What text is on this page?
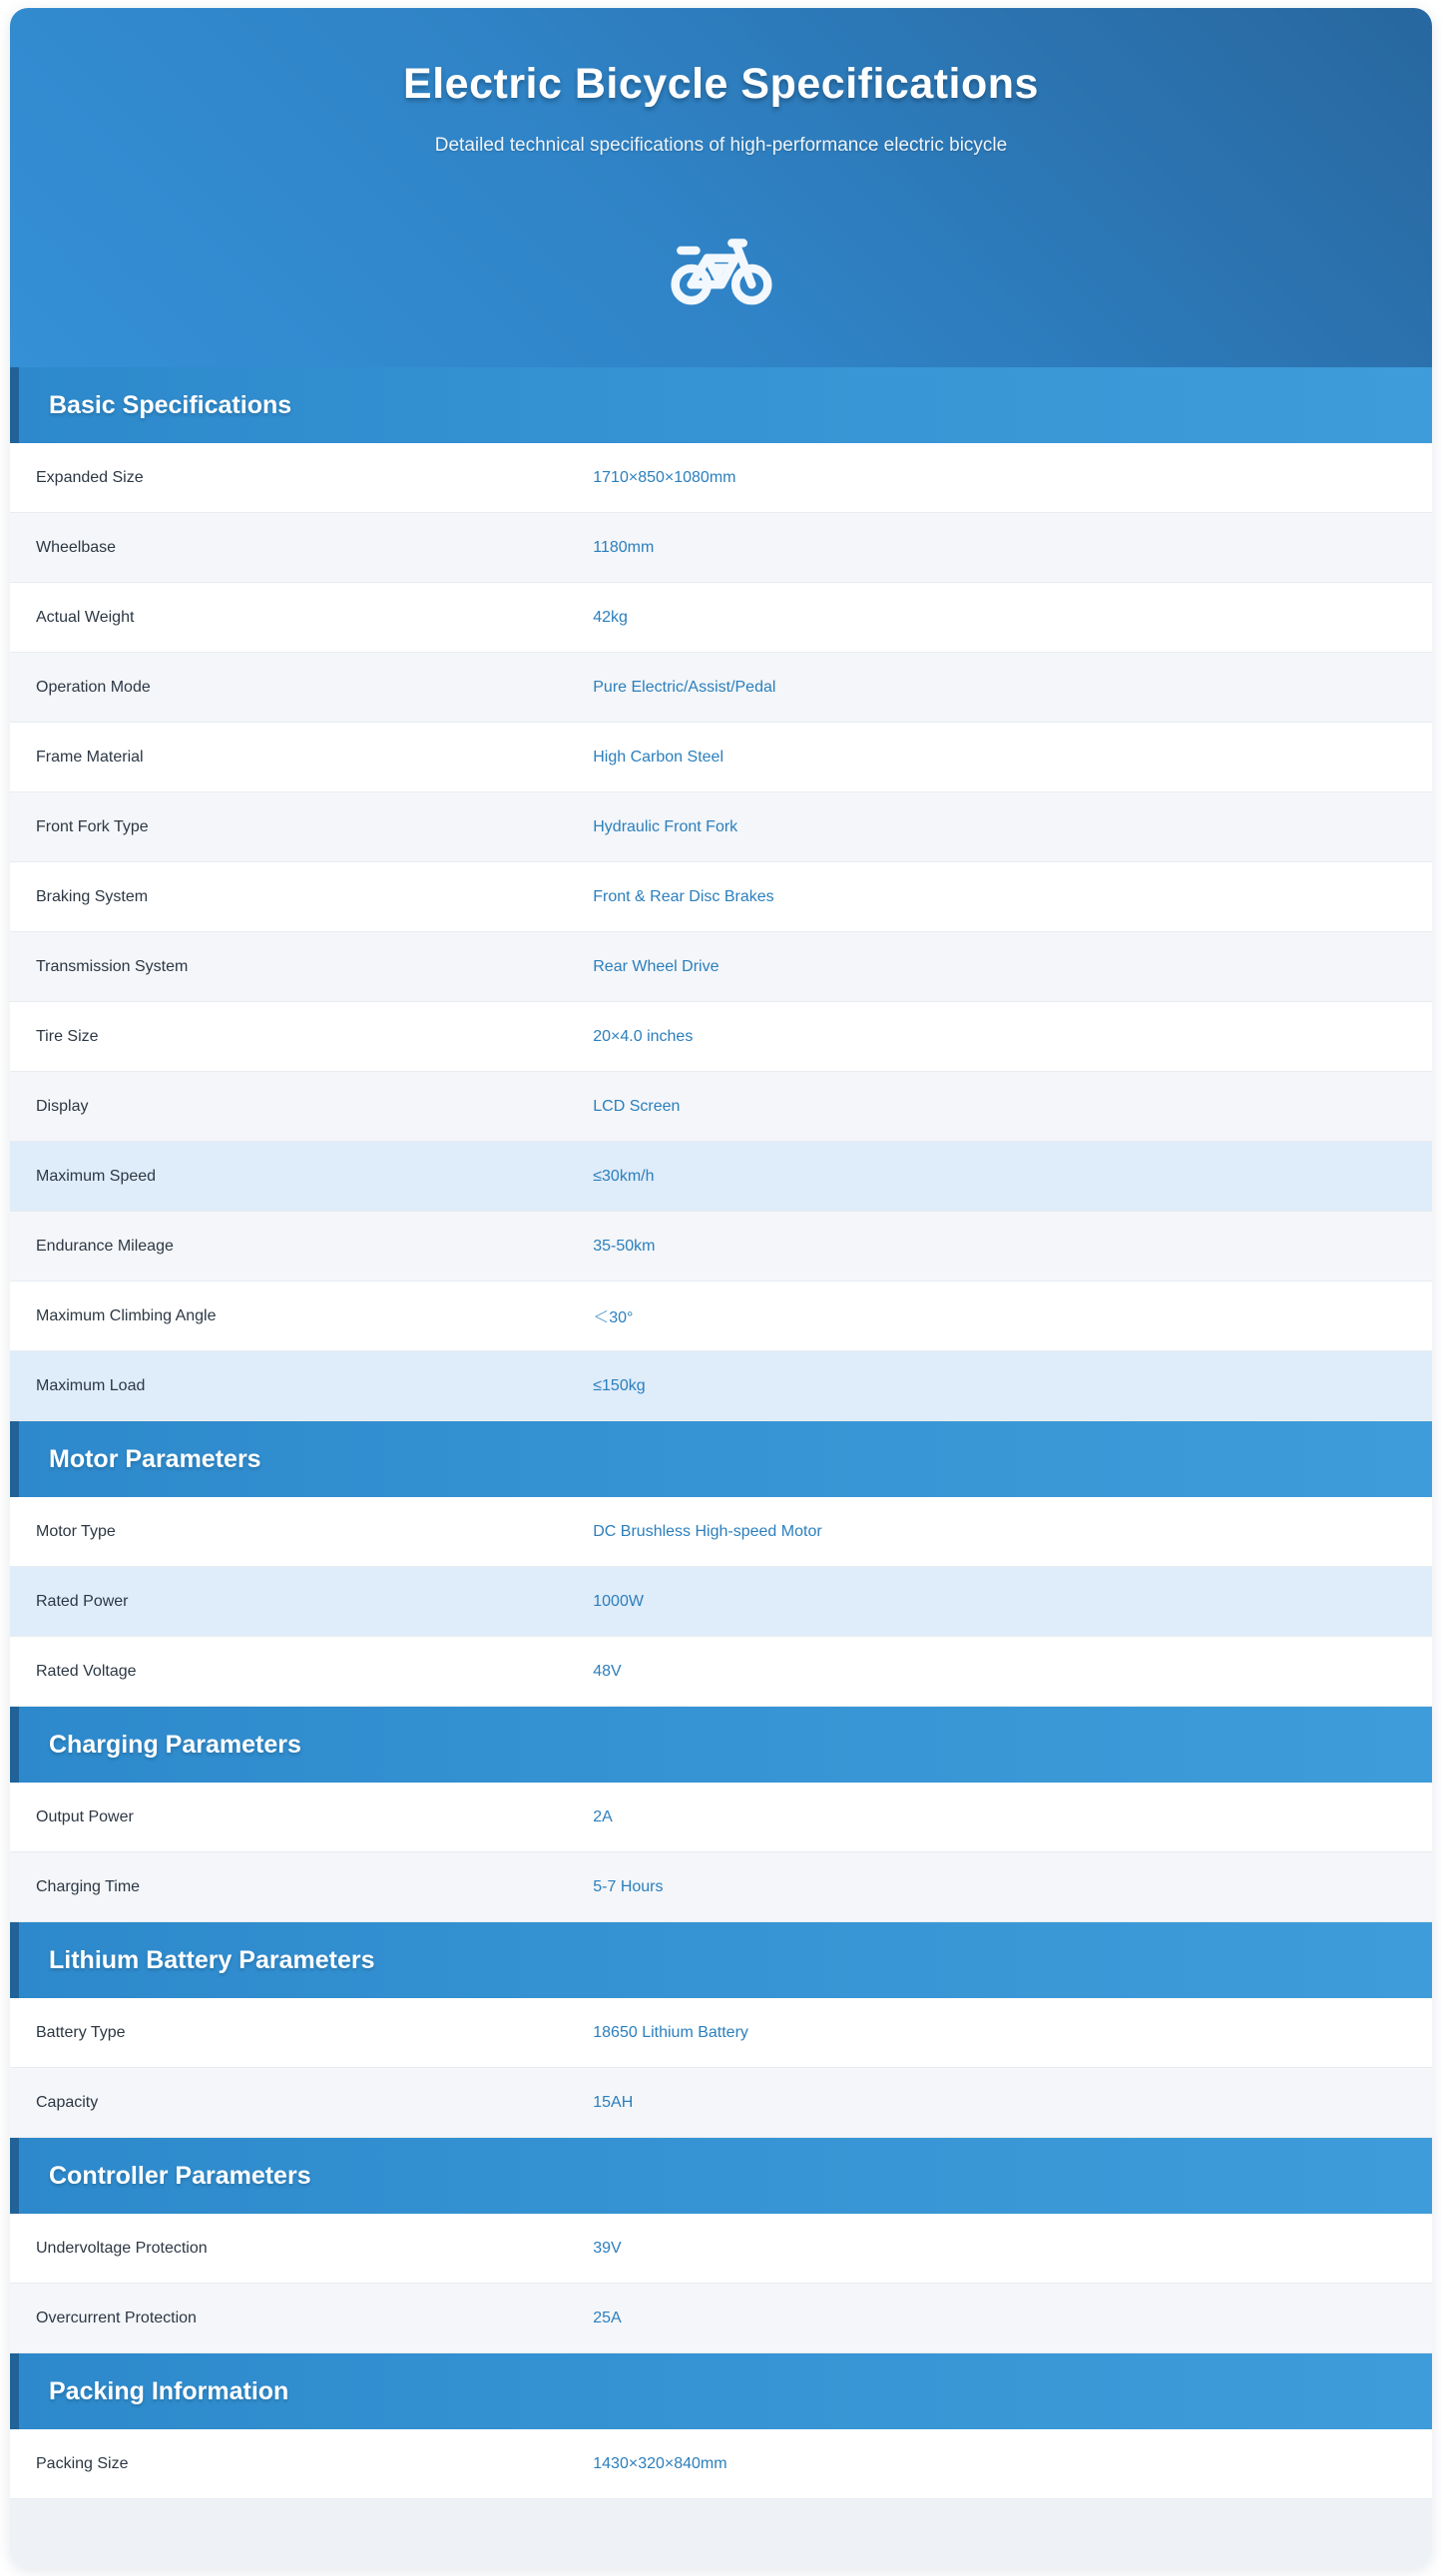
Electric Bicycle Specifications

Detailed technical specifications of high-performance electric bicycle

Basic Specifications
Expanded Size	1710×850×1080mm
Wheelbase	1180mm
Actual Weight	42kg
Operation Mode	Pure Electric/Assist/Pedal
Frame Material	High Carbon Steel
Front Fork Type	Hydraulic Front Fork
Braking System	Front & Rear Disc Brakes
Transmission System	Rear Wheel Drive
Tire Size	20×4.0 inches
Display	LCD Screen
Maximum Speed	≤30km/h
Endurance Mileage	35-50km
Maximum Climbing Angle	＜30°
Maximum Load	≤150kg
Motor Parameters
Motor Type	DC Brushless High-speed Motor
Rated Power	1000W
Rated Voltage	48V
Charging Parameters
Output Power	2A
Charging Time	5-7 Hours
Lithium Battery Parameters
Battery Type	18650 Lithium Battery
Capacity	15AH
Controller Parameters
Undervoltage Protection	39V
Overcurrent Protection	25A
Packing Information
Packing Size	1430×320×840mm
